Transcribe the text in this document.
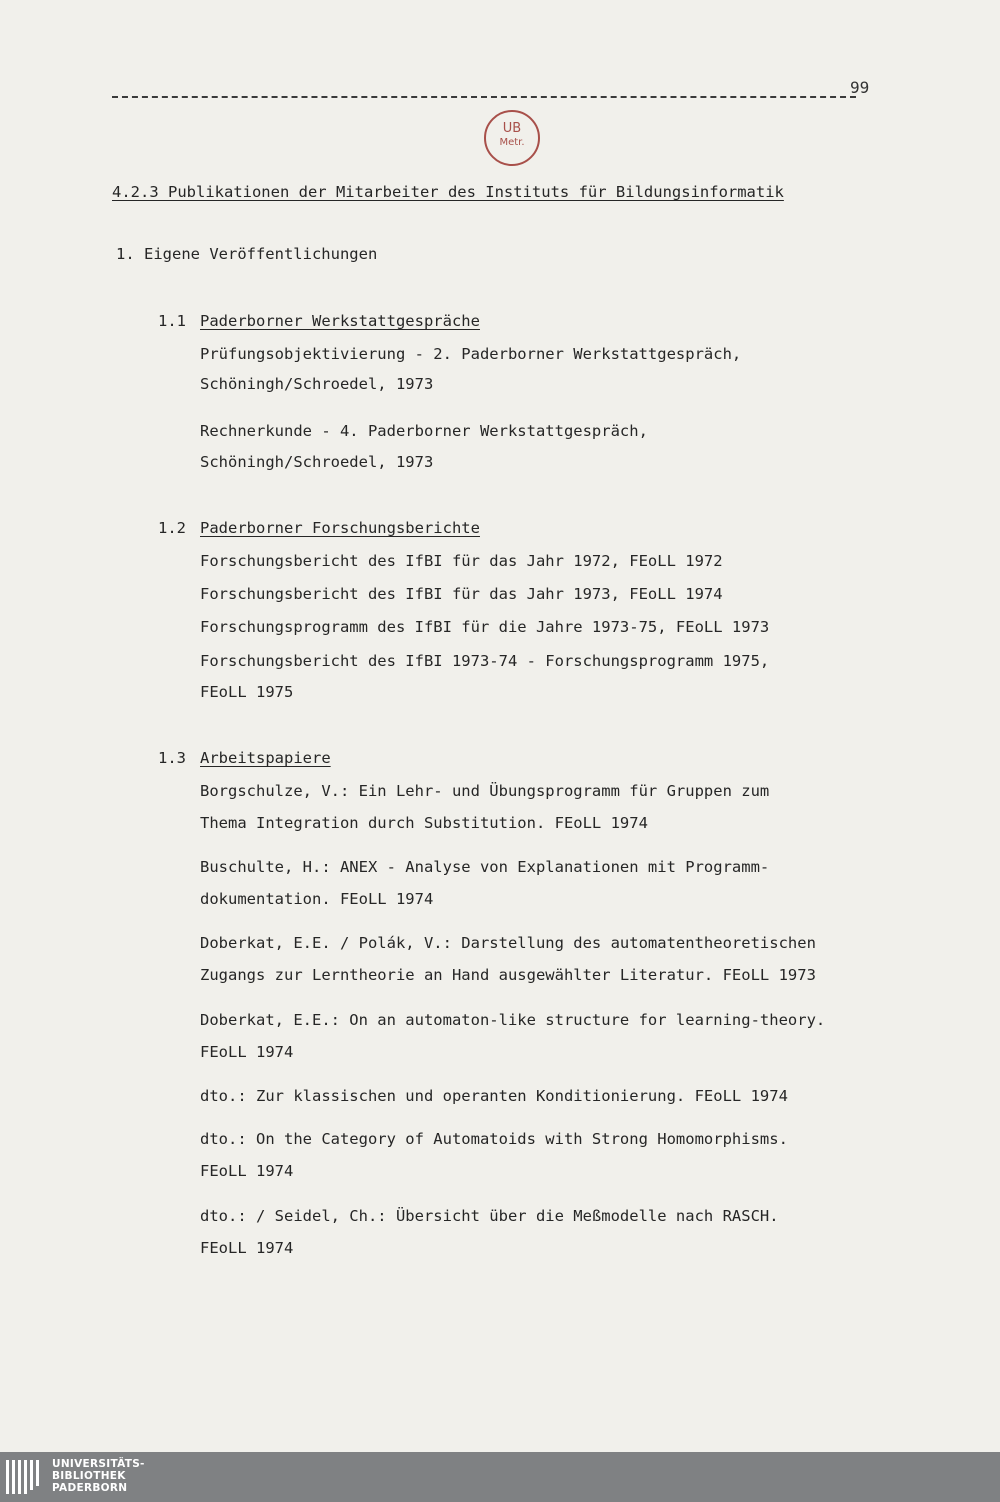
99
UB
Metr.
4.2.3 Publikationen der Mitarbeiter des Instituts für Bildungsinformatik
1. Eigene Veröffentlichungen
1.1 Paderborner Werkstattgespräche
Prüfungsobjektivierung - 2. Paderborner Werkstattgespräch,
Schöningh/Schroedel, 1973
Rechnerkunde - 4. Paderborner Werkstattgespräch,
Schöningh/Schroedel, 1973
1.2 Paderborner Forschungsberichte
Forschungsbericht des IfBI für das Jahr 1972, FEoLL 1972
Forschungsbericht des IfBI für das Jahr 1973, FEoLL 1974
Forschungsprogramm des IfBI für die Jahre 1973-75, FEoLL 1973
Forschungsbericht des IfBI 1973-74 - Forschungsprogramm 1975,
FEoLL 1975
1.3 Arbeitspapiere
Borgschulze, V.: Ein Lehr- und Übungsprogramm für Gruppen zum
Thema Integration durch Substitution. FEoLL 1974
Buschulte, H.: ANEX - Analyse von Explanationen mit Programm-
dokumentation. FEoLL 1974
Doberkat, E.E. / Polák, V.: Darstellung des automatentheoretischen
Zugangs zur Lerntheorie an Hand ausgewählter Literatur. FEoLL 1973
Doberkat, E.E.: On an automaton-like structure for learning-theory.
FEoLL 1974
dto.: Zur klassischen und operanten Konditionierung. FEoLL 1974
dto.: On the Category of Automatoids with Strong Homomorphisms.
FEoLL 1974
dto.: / Seidel, Ch.: Übersicht über die Meßmodelle nach RASCH.
FEoLL 1974
UNIVERSITÄTS-
BIBLIOTHEK
PADERBORN
